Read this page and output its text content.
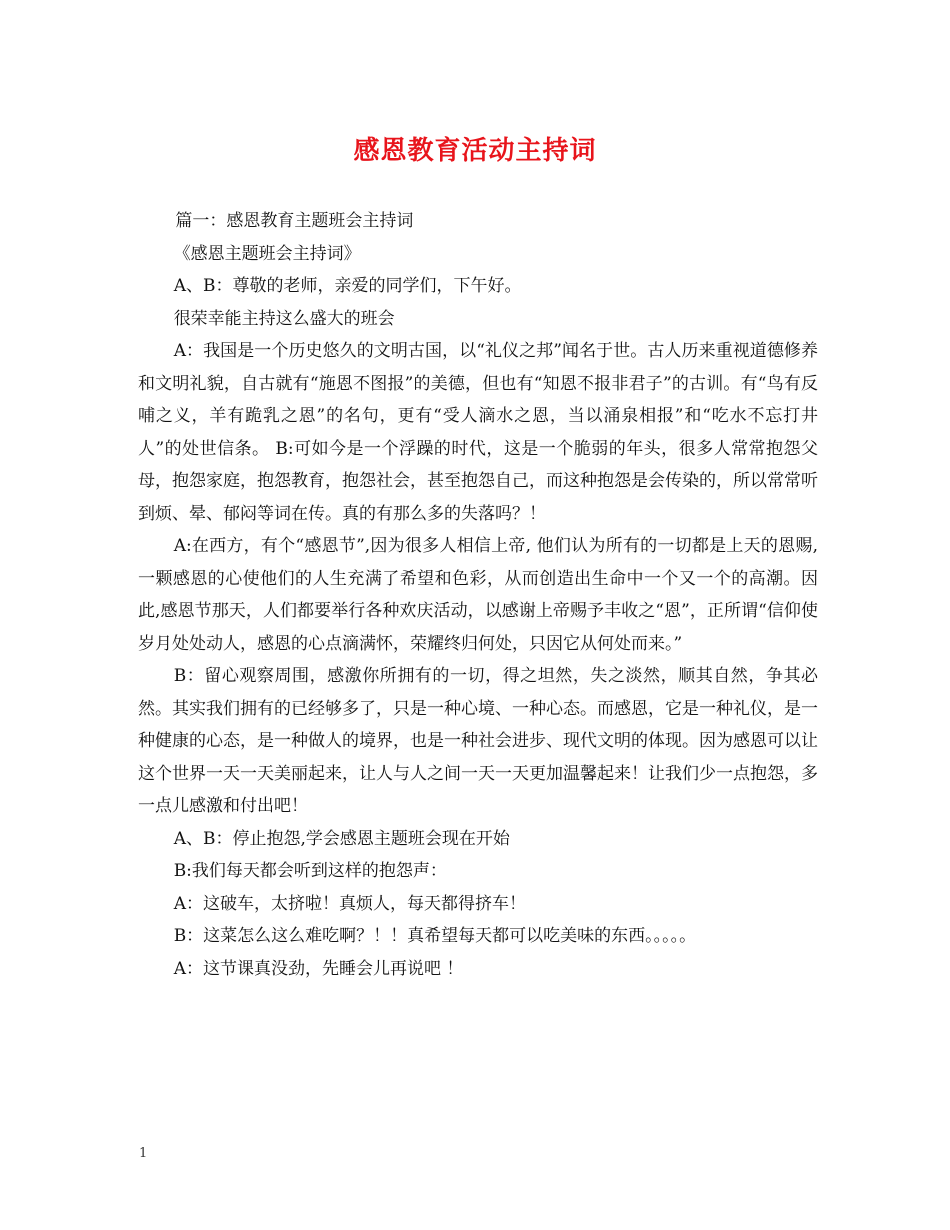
感恩教育活动主持词

篇一：感恩教育主题班会主持词

《感恩主题班会主持词》

A、B：尊敬的老师，亲爱的同学们，下午好。

很荣幸能主持这么盛大的班会

A：我国是一个历史悠久的文明古国，以“礼仪之邦”闻名于世。古人历来重视道德修养和文明礼貌，自古就有“施恩不图报”的美德，但也有“知恩不报非君子”的古训。有“鸟有反哺之义，羊有跪乳之恩”的名句，更有“受人滴水之恩，当以涌泉相报”和“吃水不忘打井人”的处世信条。 B:可如今是一个浮躁的时代，这是一个脆弱的年头，很多人常常抱怨父母，抱怨家庭，抱怨教育，抱怨社会，甚至抱怨自己，而这种抱怨是会传染的，所以常常听到烦、晕、郁闷等词在传。真的有那么多的失落吗？！

A:在西方，有个“感恩节”,因为很多人相信上帝, 他们认为所有的一切都是上天的恩赐,一颗感恩的心使他们的人生充满了希望和色彩，从而创造出生命中一个又一个的高潮。因此,感恩节那天，人们都要举行各种欢庆活动，以感谢上帝赐予丰收之“恩”，正所谓“信仰使岁月处处动人，感恩的心点滴满怀，荣耀终归何处，只因它从何处而来。”

B：留心观察周围，感激你所拥有的一切，得之坦然，失之淡然，顺其自然，争其必然。其实我们拥有的已经够多了，只是一种心境、一种心态。而感恩，它是一种礼仪，是一种健康的心态，是一种做人的境界，也是一种社会进步、现代文明的体现。因为感恩可以让这个世界一天一天美丽起来，让人与人之间一天一天更加温馨起来！让我们少一点抱怨，多一点儿感激和付出吧！

A、B：停止抱怨,学会感恩主题班会现在开始

B:我们每天都会听到这样的抱怨声：

A：这破车，太挤啦！真烦人，每天都得挤车！

B：这菜怎么这么难吃啊？！！真希望每天都可以吃美味的东西。。。。。

A：这节课真没劲，先睡会儿再说吧 ！

1
